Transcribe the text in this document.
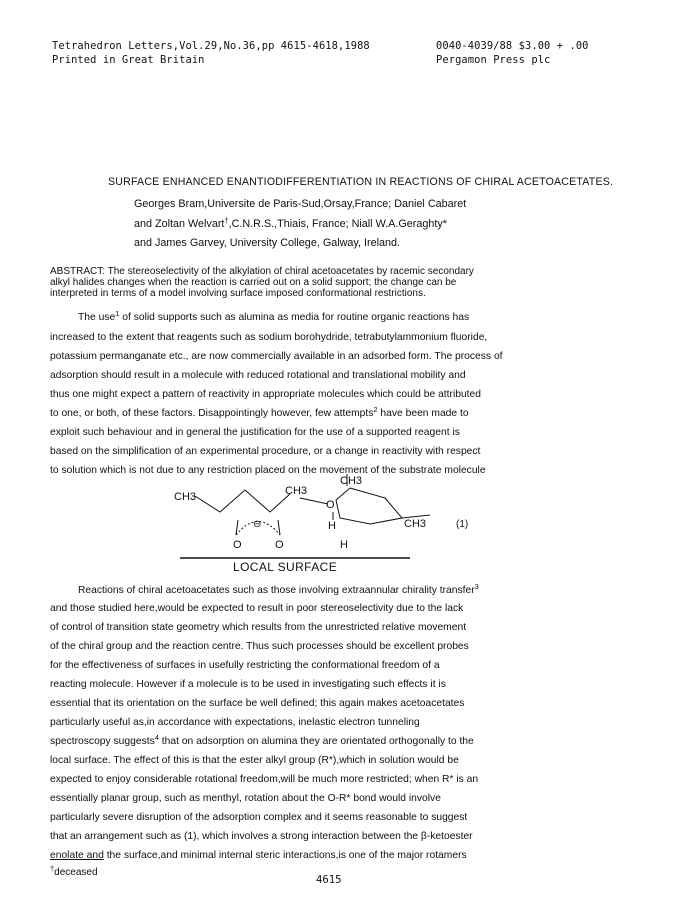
Tetrahedron Letters,Vol.29,No.36,pp 4615-4618,1988
Printed in Great Britain
0040-4039/88 $3.00 + .00
Pergamon Press plc
SURFACE ENHANCED ENANTIODIFFERENTIATION IN REACTIONS OF CHIRAL ACETOACETATES.
Georges Bram,Universite de Paris-Sud,Orsay,France; Daniel Cabaret
and Zoltan Welvart†,C.N.R.S.,Thiais, France; Niall W.A.Geraghty*
and James Garvey, University College, Galway, Ireland.
ABSTRACT: The stereoselectivity of the alkylation of chiral acetoacetates by racemic secondary
alkyl halides changes when the reaction is carried out on a solid support; the change can be
interpreted in terms of a model involving surface imposed conformational restrictions.
The use$^1$ of solid supports such as alumina as media for routine organic reactions has
increased to the extent that reagents such as sodium borohydride, tetrabutylammonium fluoride,
potassium permanganate etc., are now commercially available in an adsorbed form. The process of
adsorption should result in a molecule with reduced rotational and translational mobility and
thus one might expect a pattern of reactivity in appropriate molecules which could be attributed
to one, or both, of these factors. Disappointingly however, few attempts$^2$ have been made to
exploit such behaviour and in general the justification for the use of a supported reagent is
based on the simplification of an experimental procedure, or a change in reactivity with respect
to solution which is not due to any restriction placed on the movement of the substrate molecule
CH3	CH3
CH3
CH3
O
H
O	O	H
⊖	(1)
LOCAL SURFACE
Reactions of chiral acetoacetates such as those involving extraannular chirality transfer$^3$
and those studied here,would be expected to result in poor stereoselectivity due to the lack
of control of transition state geometry which results from the unrestricted relative movement
of the chiral group and the reaction centre. Thus such processes should be excellent probes
for the effectiveness of surfaces in usefully restricting the conformational freedom of a
reacting molecule. However if a molecule is to be used in investigating such effects it is
essential that its orientation on the surface be well defined; this again makes acetoacetates
particularly useful as,in accordance with expectations, inelastic electron tunneling
spectroscopy suggests$^4$ that on adsorption on alumina they are orientated orthogonally to the
local surface. The effect of this is that the ester alkyl group (R*),which in solution would be
expected to enjoy considerable rotational freedom,will be much more restricted; when R* is an
essentially planar group, such as menthyl, rotation about the O-R* bond would involve
particularly severe disruption of the adsorption complex and it seems reasonable to suggest
that an arrangement such as (1), which involves a strong interaction between the β-ketoester
enolate and the surface,and minimal internal steric interactions,is one of the major rotamers
†deceased
4615
